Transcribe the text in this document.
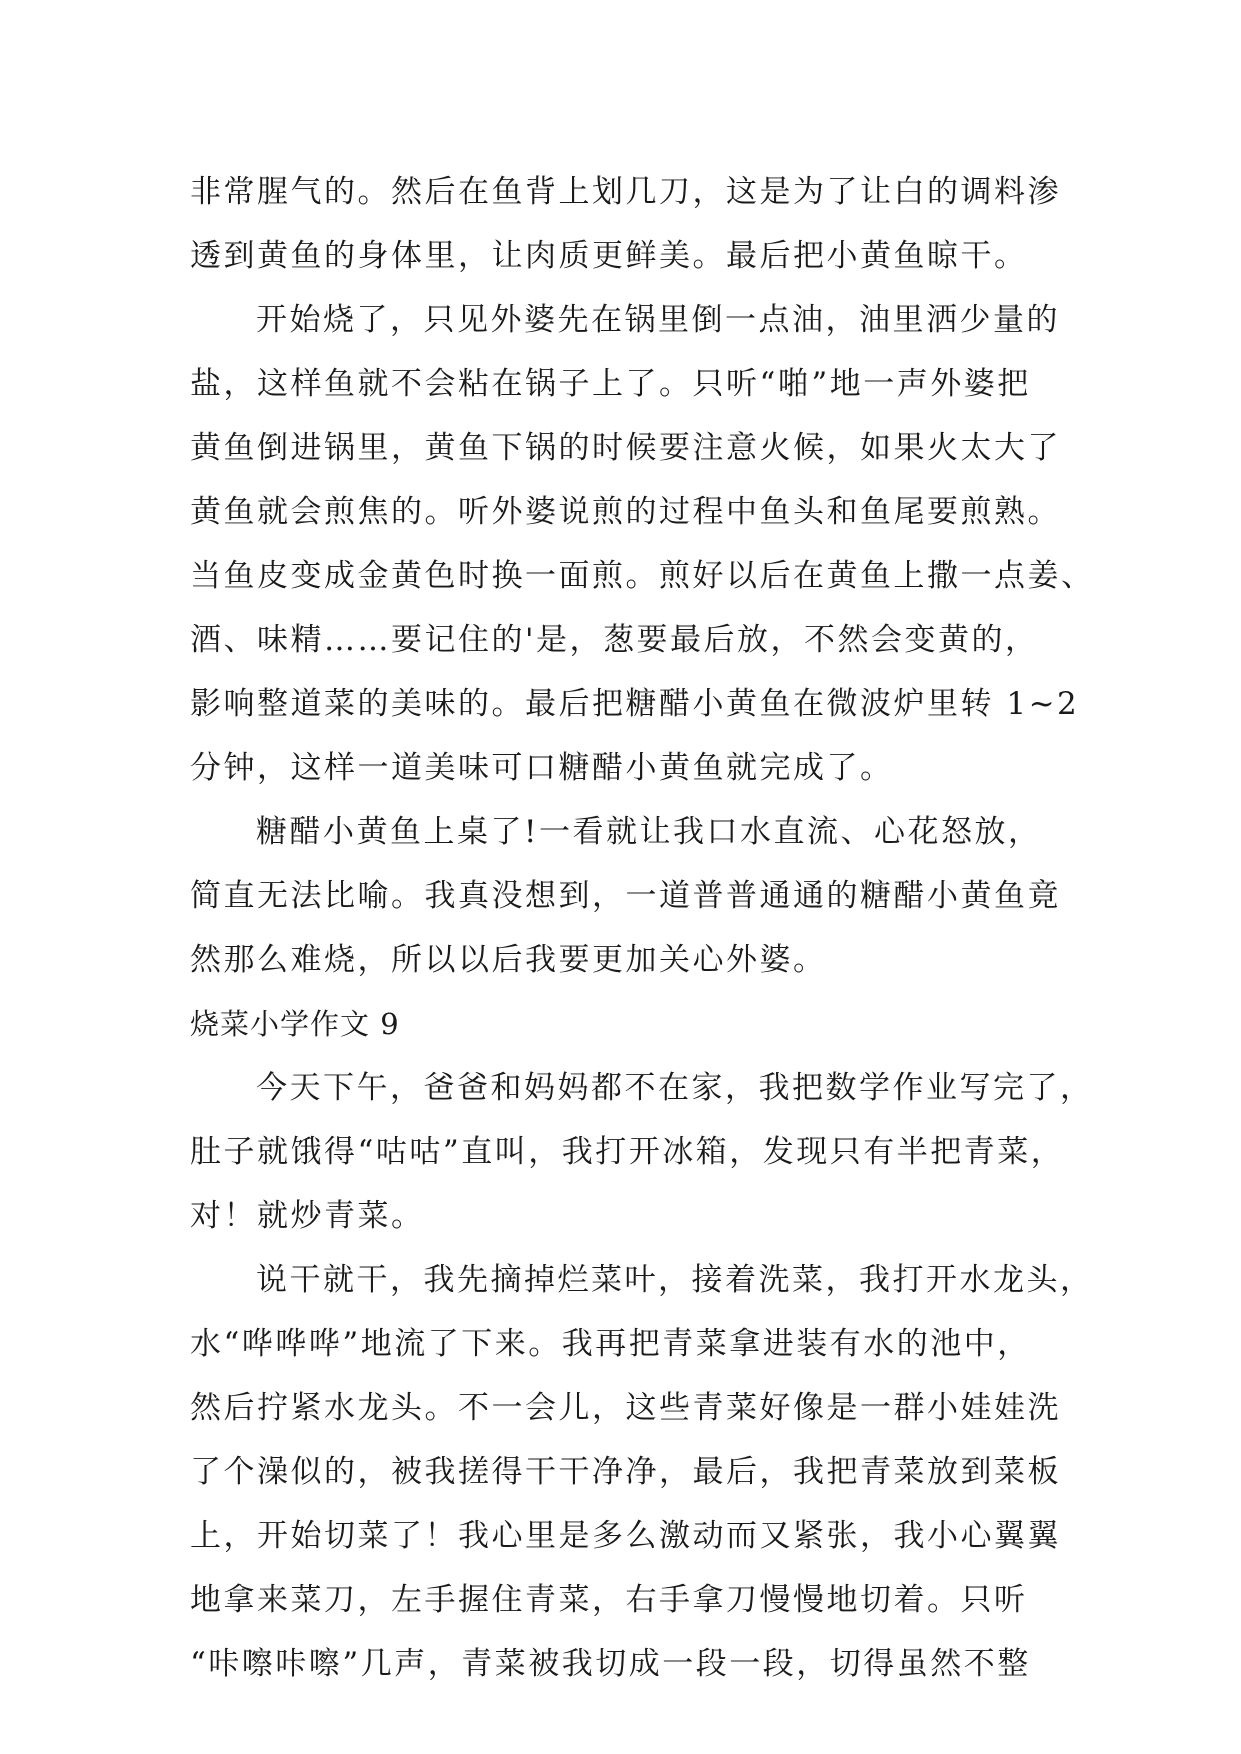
非常腥气的。然后在鱼背上划几刀，这是为了让白的调料渗
透到黄鱼的身体里，让肉质更鲜美。最后把小黄鱼晾干。
开始烧了，只见外婆先在锅里倒一点油，油里洒少量的
盐，这样鱼就不会粘在锅子上了。只听“啪”地一声外婆把
黄鱼倒进锅里，黄鱼下锅的时候要注意火候，如果火太大了
黄鱼就会煎焦的。听外婆说煎的过程中鱼头和鱼尾要煎熟。
当鱼皮变成金黄色时换一面煎。煎好以后在黄鱼上撒一点姜、
酒、味精……要记住的'是，葱要最后放，不然会变黄的，
影响整道菜的美味的。最后把糖醋小黄鱼在微波炉里转 1~2
分钟，这样一道美味可口糖醋小黄鱼就完成了。
糖醋小黄鱼上桌了!一看就让我口水直流、心花怒放，
简直无法比喻。我真没想到，一道普普通通的糖醋小黄鱼竟
然那么难烧，所以以后我要更加关心外婆。
烧菜小学作文 9
今天下午，爸爸和妈妈都不在家，我把数学作业写完了，
肚子就饿得“咕咕”直叫，我打开冰箱，发现只有半把青菜，
对！就炒青菜。
说干就干，我先摘掉烂菜叶，接着洗菜，我打开水龙头，
水“哗哗哗”地流了下来。我再把青菜拿进装有水的池中，
然后拧紧水龙头。不一会儿，这些青菜好像是一群小娃娃洗
了个澡似的，被我搓得干干净净，最后，我把青菜放到菜板
上，开始切菜了！我心里是多么激动而又紧张，我小心翼翼
地拿来菜刀，左手握住青菜，右手拿刀慢慢地切着。只听
“咔嚓咔嚓”几声，青菜被我切成一段一段，切得虽然不整
